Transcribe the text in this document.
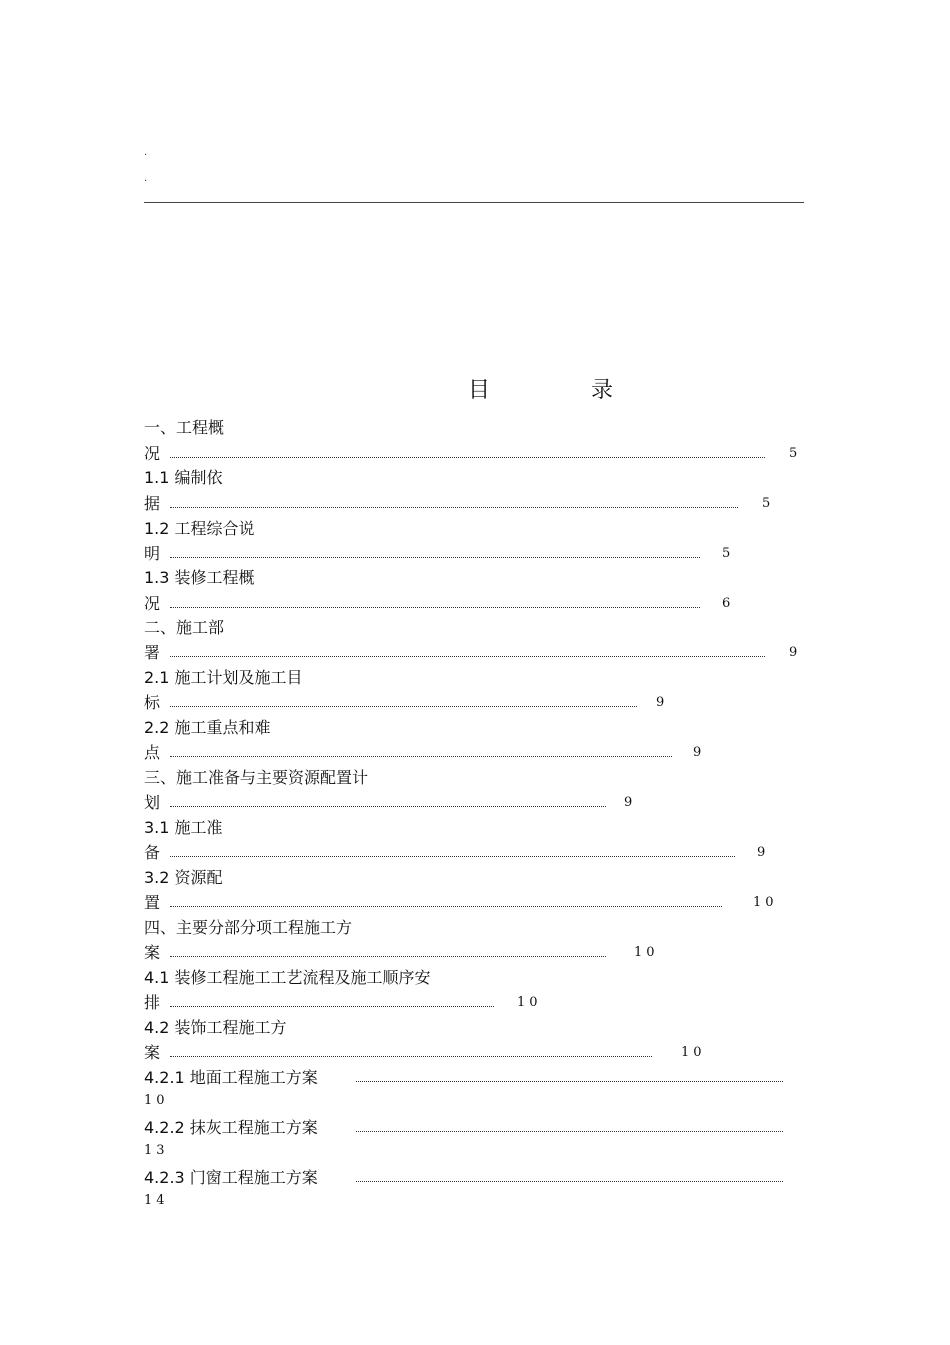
.
.
目	录
一、工程概
况	5
1.1 编制依
据	5
1.2 工程综合说
明	5
1.3 装修工程概
况	6
二、施工部
署	9
2.1 施工计划及施工目
标	9
2.2 施工重点和难
点	9
三、施工准备与主要资源配置计
划	9
3.1 施工准
备	9
3.2 资源配
置	10
四、主要分部分项工程施工方
案	10
4.1 装修工程施工工艺流程及施工顺序安
排	10
4.2 装饰工程施工方
案	10
4.2.1 地面工程施工方案
10
4.2.2 抹灰工程施工方案
13
4.2.3 门窗工程施工方案
14
